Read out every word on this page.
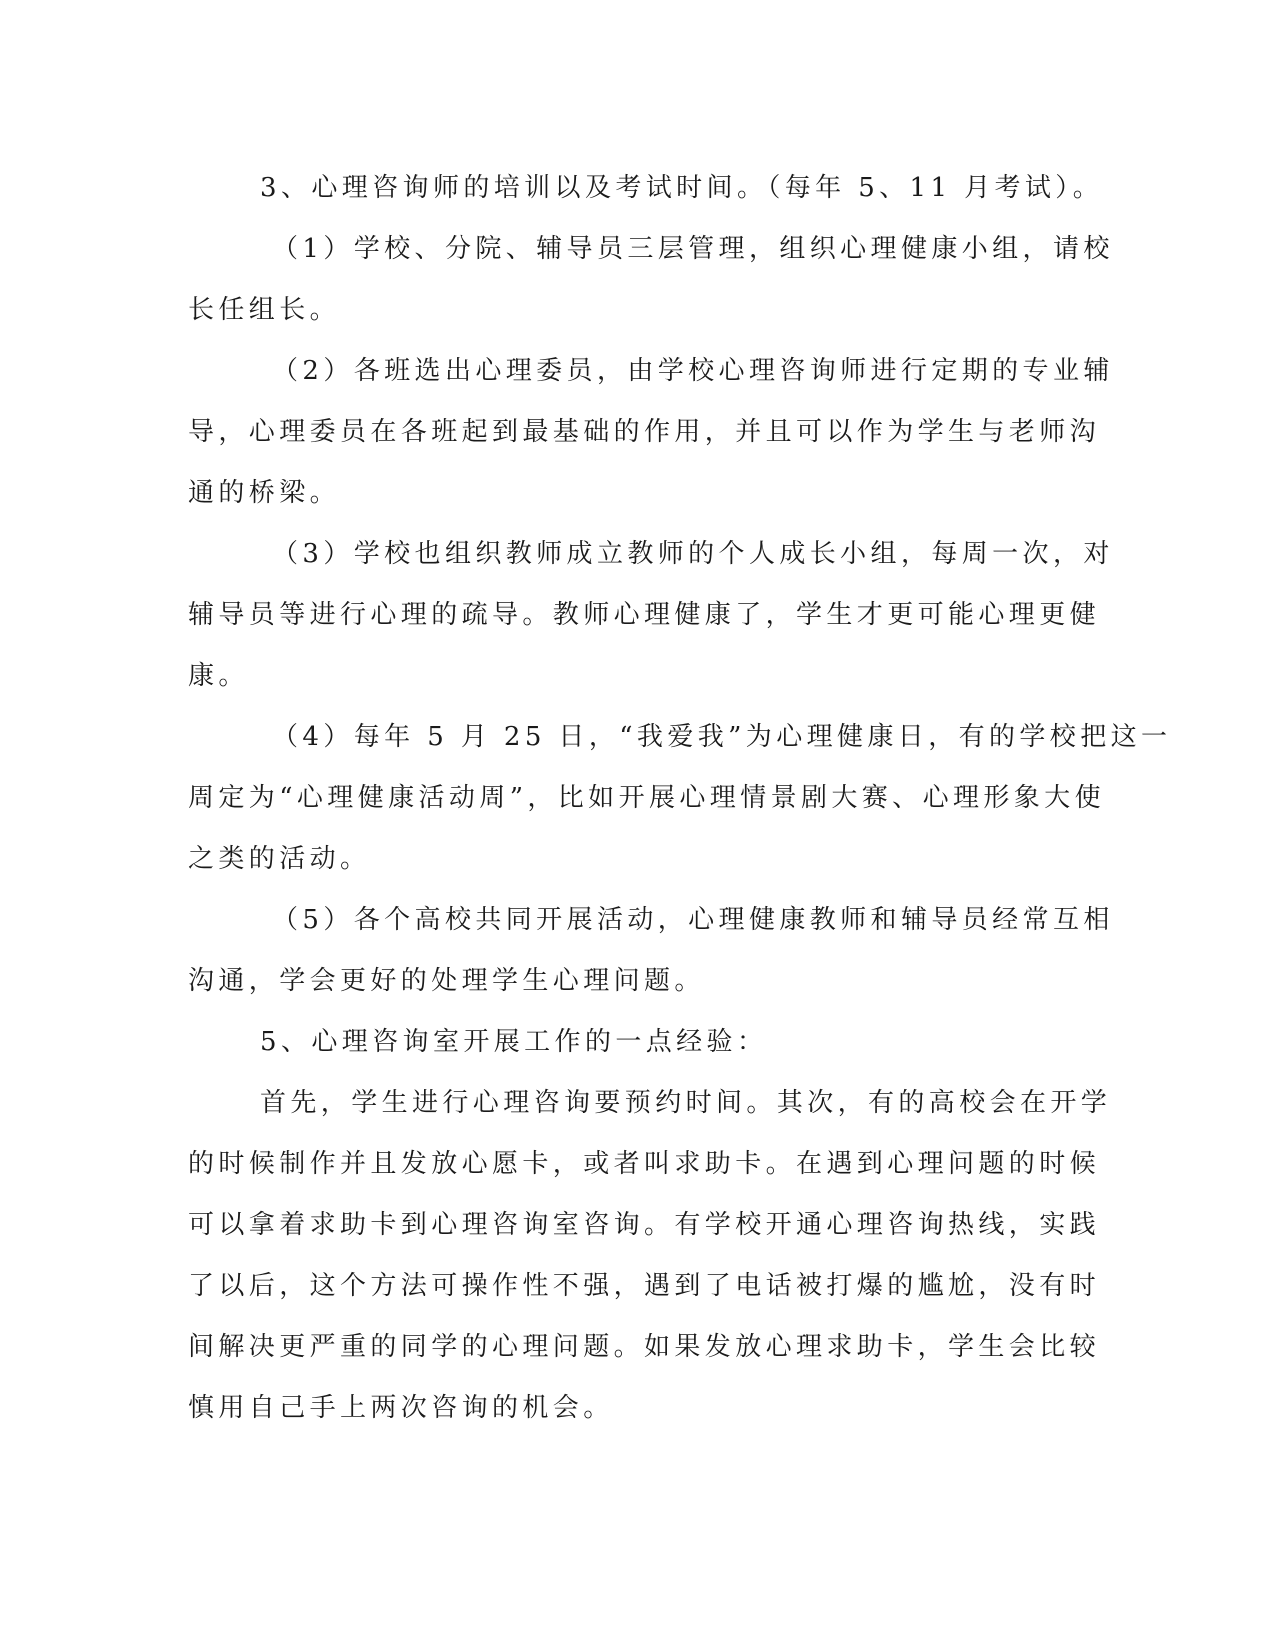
3、心理咨询师的培训以及考试时间。（每年 5、11 月考试）。
（1）学校、分院、辅导员三层管理，组织心理健康小组，请校
长任组长。
（2）各班选出心理委员，由学校心理咨询师进行定期的专业辅
导，心理委员在各班起到最基础的作用，并且可以作为学生与老师沟
通的桥梁。
（3）学校也组织教师成立教师的个人成长小组，每周一次，对
辅导员等进行心理的疏导。教师心理健康了，学生才更可能心理更健
康。
（4）每年 5 月 25 日，“我爱我”为心理健康日，有的学校把这一
周定为“心理健康活动周”，比如开展心理情景剧大赛、心理形象大使
之类的活动。
（5）各个高校共同开展活动，心理健康教师和辅导员经常互相
沟通，学会更好的处理学生心理问题。
5、心理咨询室开展工作的一点经验：
首先，学生进行心理咨询要预约时间。其次，有的高校会在开学
的时候制作并且发放心愿卡，或者叫求助卡。在遇到心理问题的时候
可以拿着求助卡到心理咨询室咨询。有学校开通心理咨询热线，实践
了以后，这个方法可操作性不强，遇到了电话被打爆的尴尬，没有时
间解决更严重的同学的心理问题。如果发放心理求助卡，学生会比较
慎用自己手上两次咨询的机会。
